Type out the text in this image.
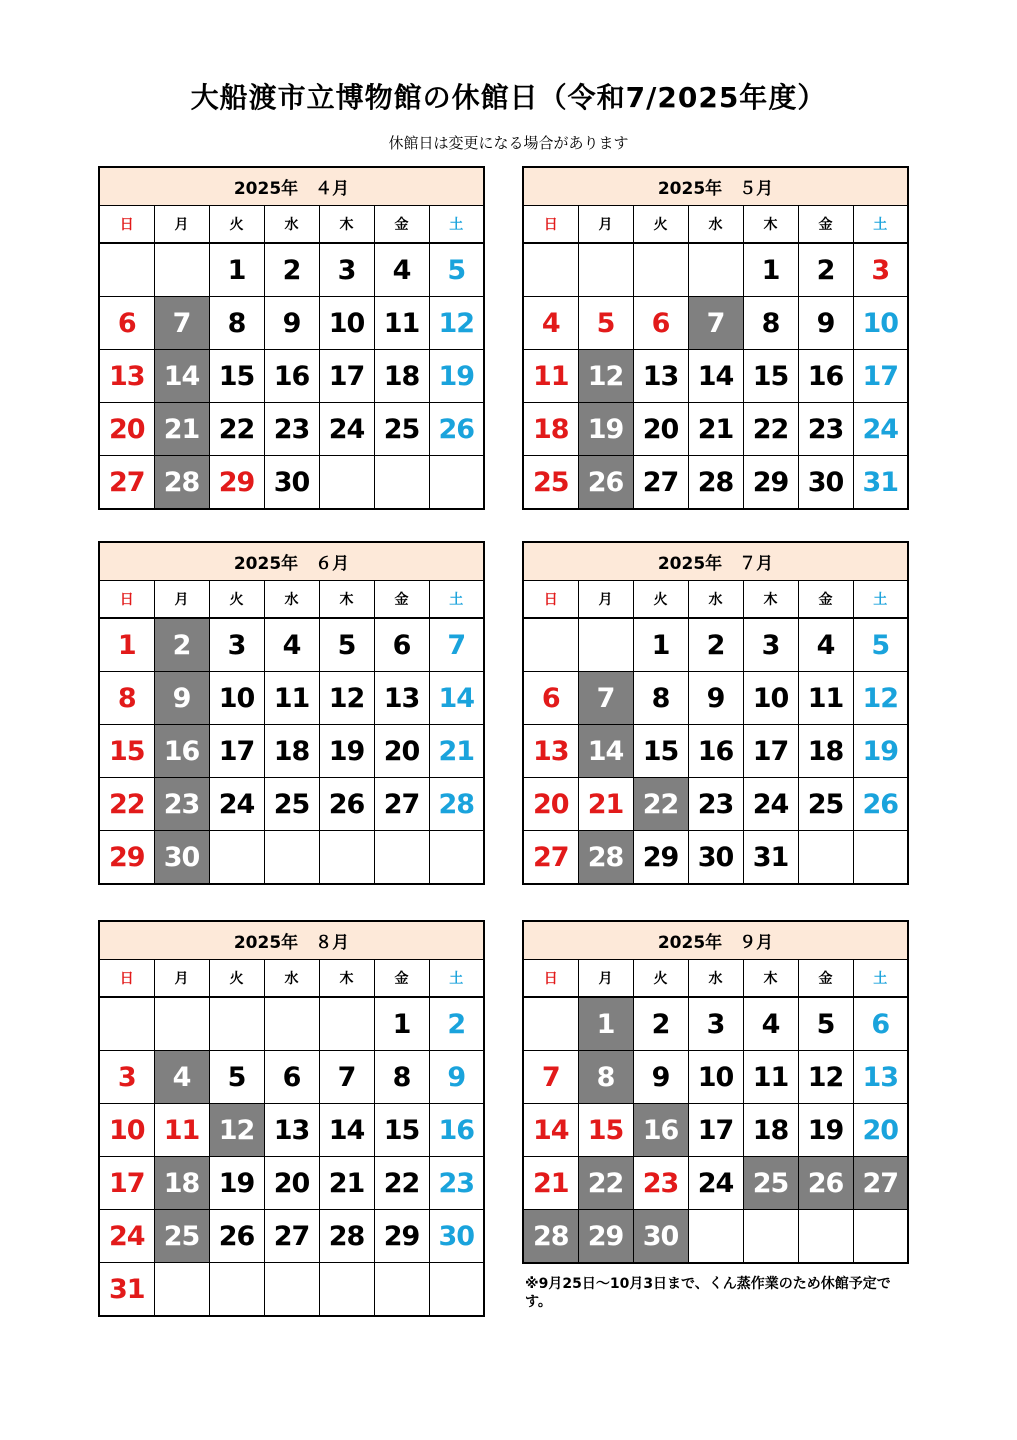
大船渡市立博物館の休館日（令和7/2025年度）
休館日は変更になる場合があります
2025年　４月						
日	月	火	水	木	金	土
		1	2	3	4	5
6	7	8	9	10	11	12
13	14	15	16	17	18	19
20	21	22	23	24	25	26
27	28	29	30			
2025年　５月						
日	月	火	水	木	金	土
				1	2	3
4	5	6	7	8	9	10
11	12	13	14	15	16	17
18	19	20	21	22	23	24
25	26	27	28	29	30	31
2025年　６月						
日	月	火	水	木	金	土
1	2	3	4	5	6	7
8	9	10	11	12	13	14
15	16	17	18	19	20	21
22	23	24	25	26	27	28
29	30					
2025年　７月						
日	月	火	水	木	金	土
		1	2	3	4	5
6	7	8	9	10	11	12
13	14	15	16	17	18	19
20	21	22	23	24	25	26
27	28	29	30	31		
2025年　８月						
日	月	火	水	木	金	土
					1	2
3	4	5	6	7	8	9
10	11	12	13	14	15	16
17	18	19	20	21	22	23
24	25	26	27	28	29	30
31						
2025年　９月						
日	月	火	水	木	金	土
	1	2	3	4	5	6
7	8	9	10	11	12	13
14	15	16	17	18	19	20
21	22	23	24	25	26	27
28	29	30				
※9月25日～10月3日まで、くん蒸作業のため休館予定です。
